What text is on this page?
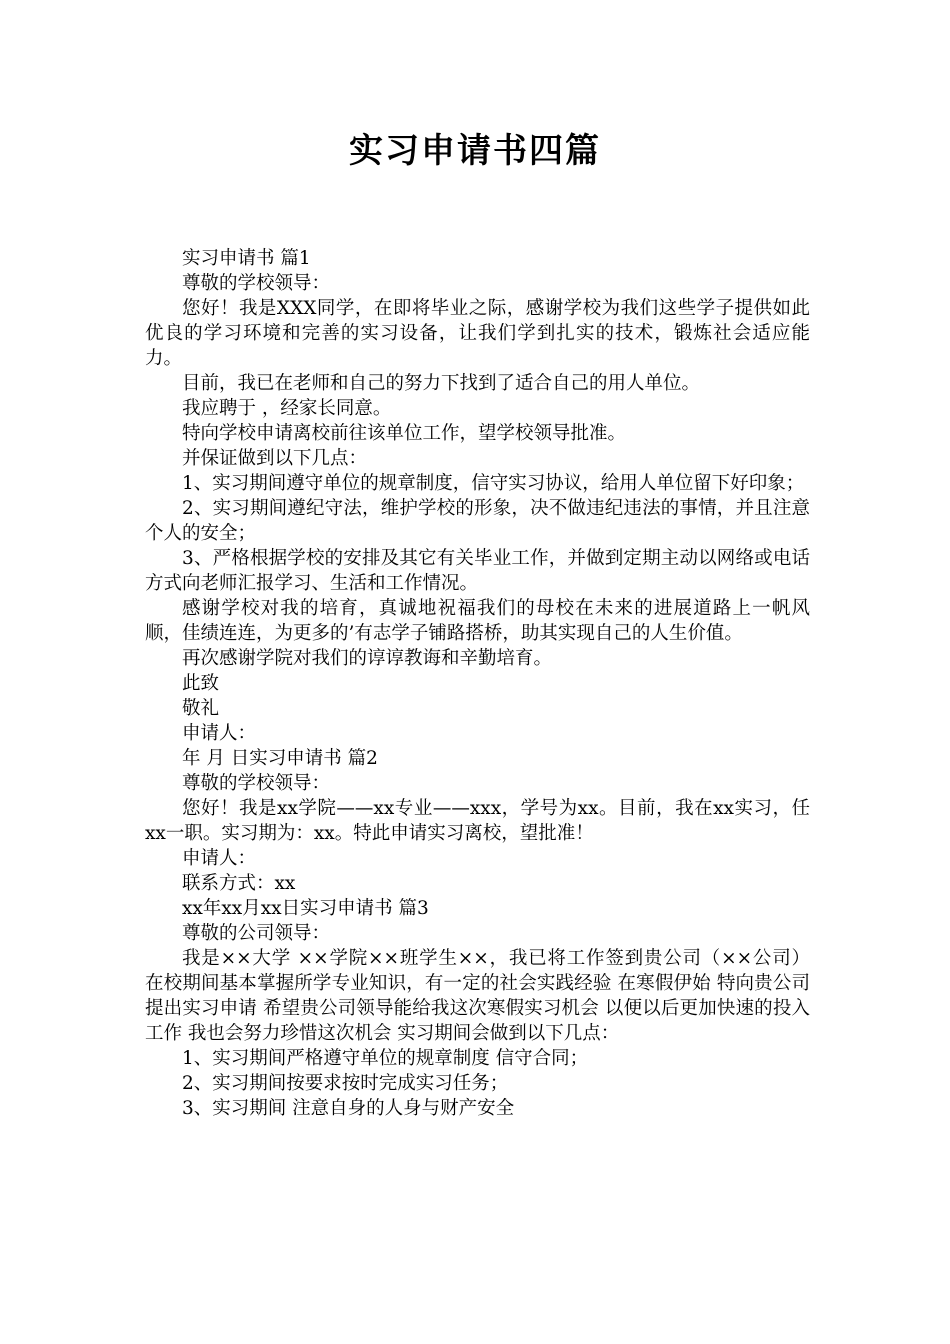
实习申请书四篇

实习申请书 篇1

尊敬的学校领导：

您好！我是XXX同学，在即将毕业之际，感谢学校为我们这些学子提供如此优良的学习环境和完善的实习设备，让我们学到扎实的技术，锻炼社会适应能力。

目前，我已在老师和自己的努力下找到了适合自己的用人单位。

我应聘于 ，经家长同意。

特向学校申请离校前往该单位工作，望学校领导批准。

并保证做到以下几点：

1、实习期间遵守单位的规章制度，信守实习协议，给用人单位留下好印象；

2、实习期间遵纪守法，维护学校的形象，决不做违纪违法的事情，并且注意个人的安全；

3、严格根据学校的安排及其它有关毕业工作，并做到定期主动以网络或电话方式向老师汇报学习、生活和工作情况。

感谢学校对我的培育，真诚地祝福我们的母校在未来的进展道路上一帆风顺，佳绩连连，为更多的’有志学子铺路搭桥，助其实现自己的人生价值。

再次感谢学院对我们的谆谆教诲和辛勤培育。

此致

敬礼

申请人：

年 月 日实习申请书 篇2

尊敬的学校领导：

您好！我是xx学院——xx专业——xxx，学号为xx。目前，我在xx实习，任xx一职。实习期为：xx。特此申请实习离校，望批准！

申请人：

联系方式：xx

xx年xx月xx日实习申请书 篇3

尊敬的公司领导：

我是××大学 ××学院××班学生××，我已将工作签到贵公司（××公司） 在校期间基本掌握所学专业知识，有一定的社会实践经验 在寒假伊始 特向贵公司提出实习申请 希望贵公司领导能给我这次寒假实习机会 以便以后更加快速的投入工作 我也会努力珍惜这次机会 实习期间会做到以下几点：

1、实习期间严格遵守单位的规章制度 信守合同；

2、实习期间按要求按时完成实习任务；

3、实习期间 注意自身的人身与财产安全
